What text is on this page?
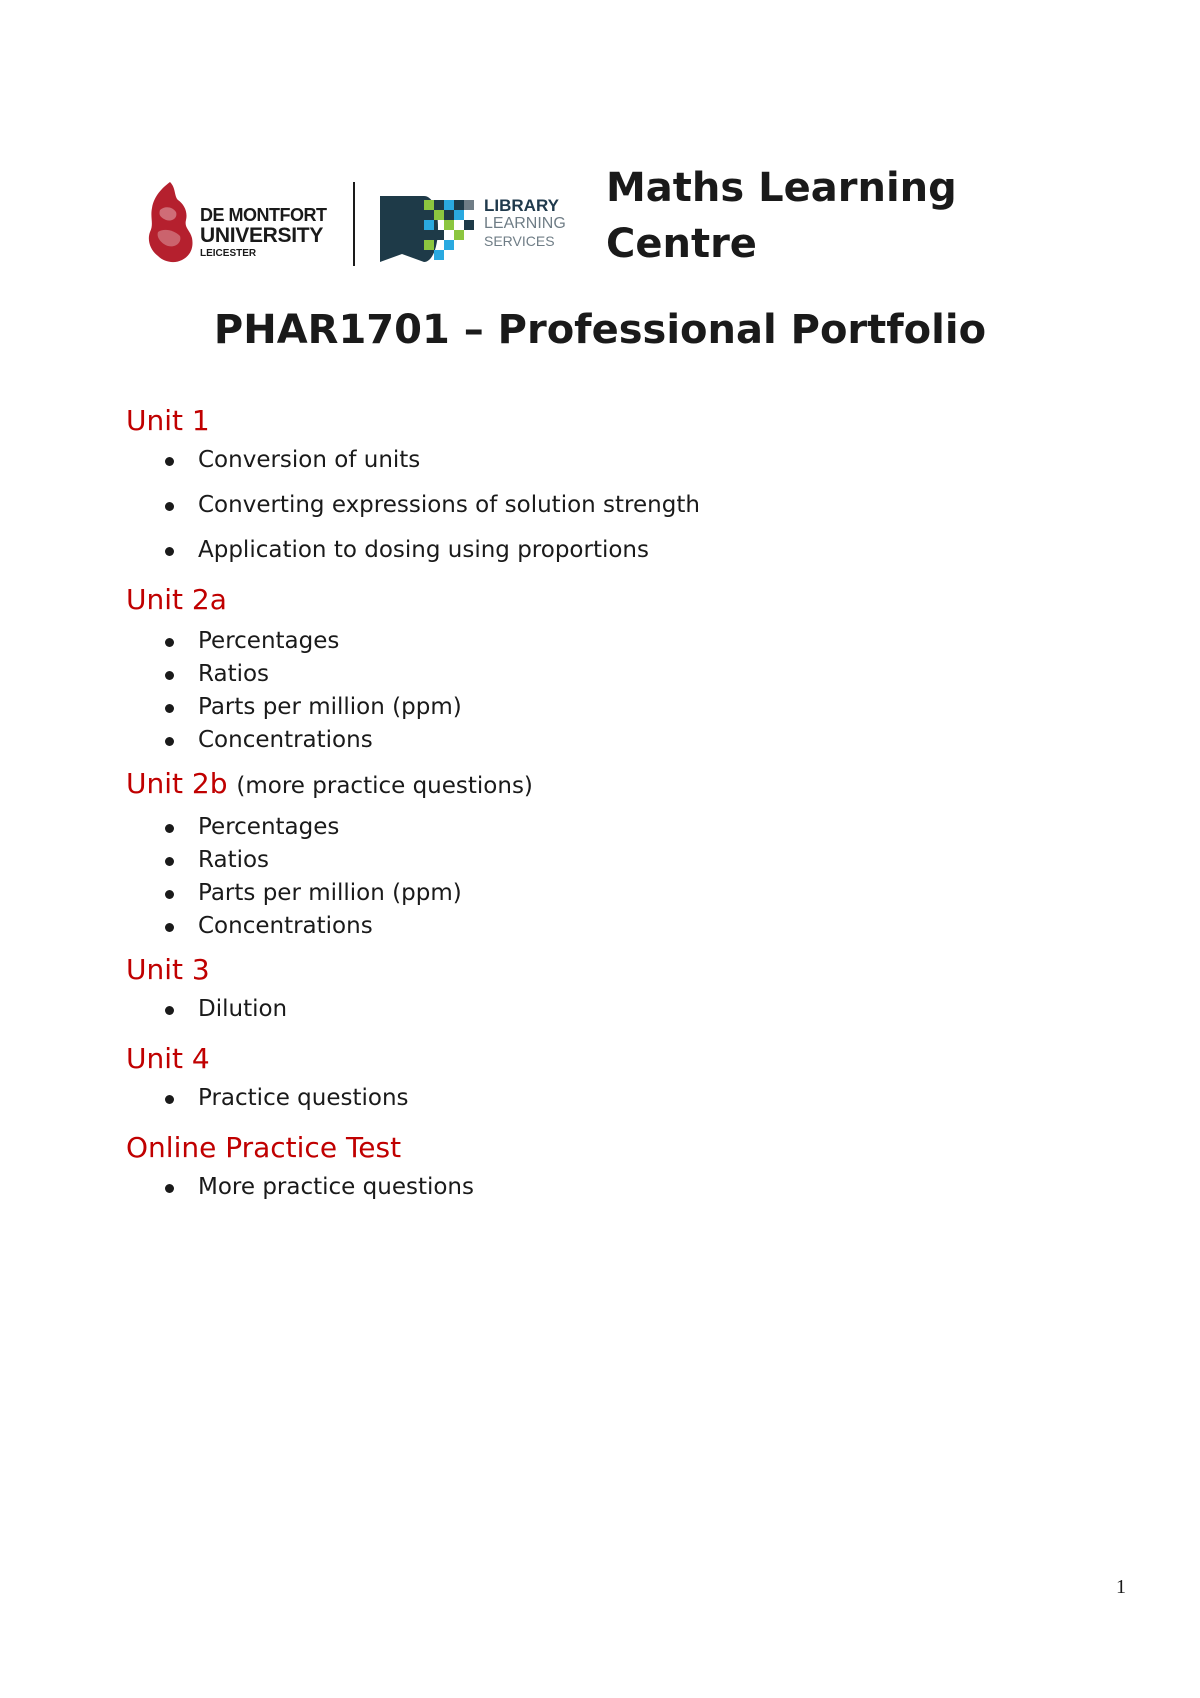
DE MONTFORT
UNIVERSITY
LEICESTER
LIBRARY
LEARNING
SERVICES
Maths Learning
Centre
PHAR1701 – Professional Portfolio
Unit 1
Conversion of units
Converting expressions of solution strength
Application to dosing using proportions
Unit 2a
Percentages
Ratios
Parts per million (ppm)
Concentrations
Unit 2b (more practice questions)
Percentages
Ratios
Parts per million (ppm)
Concentrations
Unit 3
Dilution
Unit 4
Practice questions
Online Practice Test
More practice questions
1
